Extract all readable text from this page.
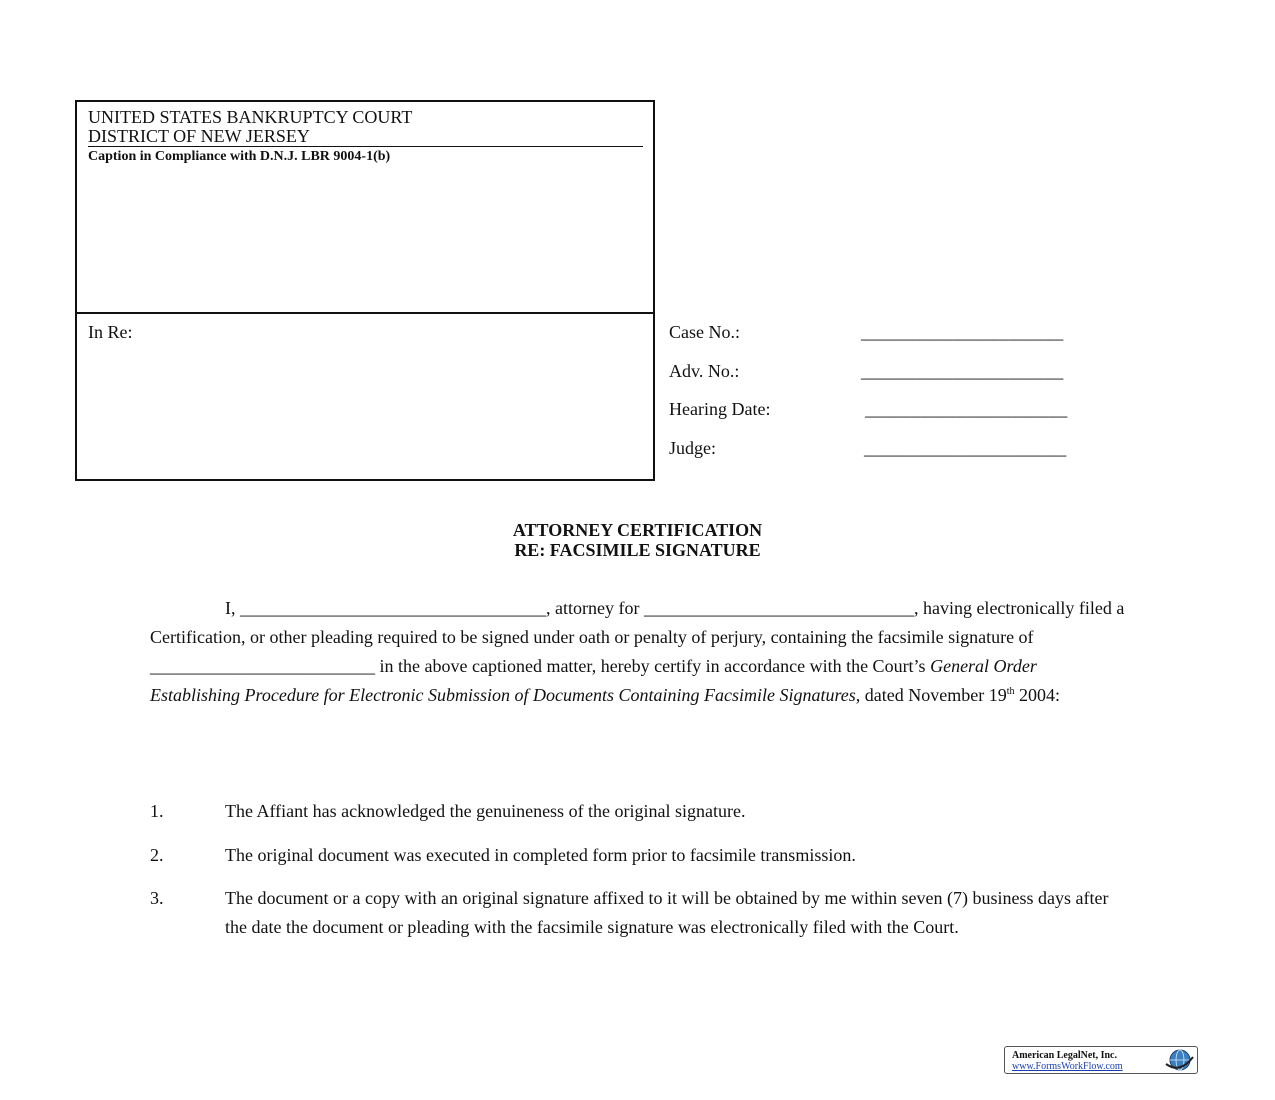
UNITED STATES BANKRUPTCY COURT
DISTRICT OF NEW JERSEY
Caption in Compliance with D.N.J. LBR 9004-1(b)
In Re:	Case No.:	______________________
Adv. No.:	______________________
Hearing Date:	______________________
Judge:	______________________
ATTORNEY CERTIFICATION
RE: FACSIMILE SIGNATURE
I, __________________________________, attorney for ______________________________, having electronically filed a Certification, or other pleading required to be signed under oath or penalty of perjury, containing the facsimile signature of _________________________ in the above captioned matter, hereby certify in accordance with the Court’s General Order Establishing Procedure for Electronic Submission of Documents Containing Facsimile Signatures, dated November 19th 2004:
1.	The Affiant has acknowledged the genuineness of the original signature.
2.	The original document was executed in completed form prior to facsimile transmission.
3.	The document or a copy with an original signature affixed to it will be obtained by me within seven (7) business days after the date the document or pleading with the facsimile signature was electronically filed with the Court.
American LegalNet, Inc.
www.FormsWorkFlow.com
